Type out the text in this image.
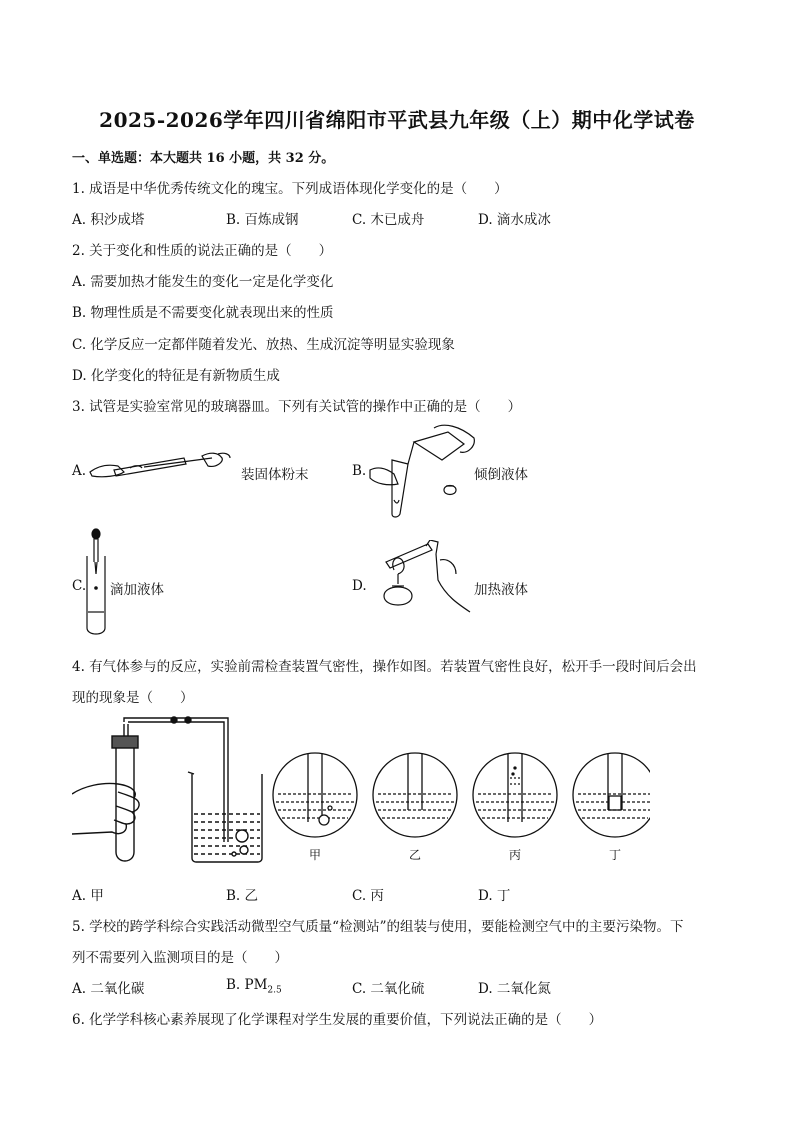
2025-2026学年四川省绵阳市平武县九年级（上）期中化学试卷
一、单选题：本大题共 16 小题，共 32 分。
1. 成语是中华优秀传统文化的瑰宝。下列成语体现化学变化的是（　　）
A. 积沙成塔	B. 百炼成钢	C. 木已成舟	D. 滴水成冰
2. 关于变化和性质的说法正确的是（　　）
A. 需要加热才能发生的变化一定是化学变化
B. 物理性质是不需要变化就表现出来的性质
C. 化学反应一定都伴随着发光、放热、生成沉淀等明显实验现象
D. 化学变化的特征是有新物质生成
3. 试管是实验室常见的玻璃器皿。下列有关试管的操作中正确的是（　　）
A.	装固体粉末	B.	倾倒液体
C. 滴加液体	D.	加热液体
4. 有气体参与的反应，实验前需检查装置气密性，操作如图。若装置气密性良好，松开手一段时间后会出
现的现象是（　　）
甲	乙	丙	丁
A. 甲	B. 乙	C. 丙	D. 丁
5. 学校的跨学科综合实践活动微型空气质量“检测站”的组装与使用，要能检测空气中的主要污染物。下
列不需要列入监测项目的是（　　）
A. 二氧化碳	B. $PM_{2.5}$	C. 二氧化硫	D. 二氧化氮
6. 化学学科核心素养展现了化学课程对学生发展的重要价值，下列说法正确的是（　　）
